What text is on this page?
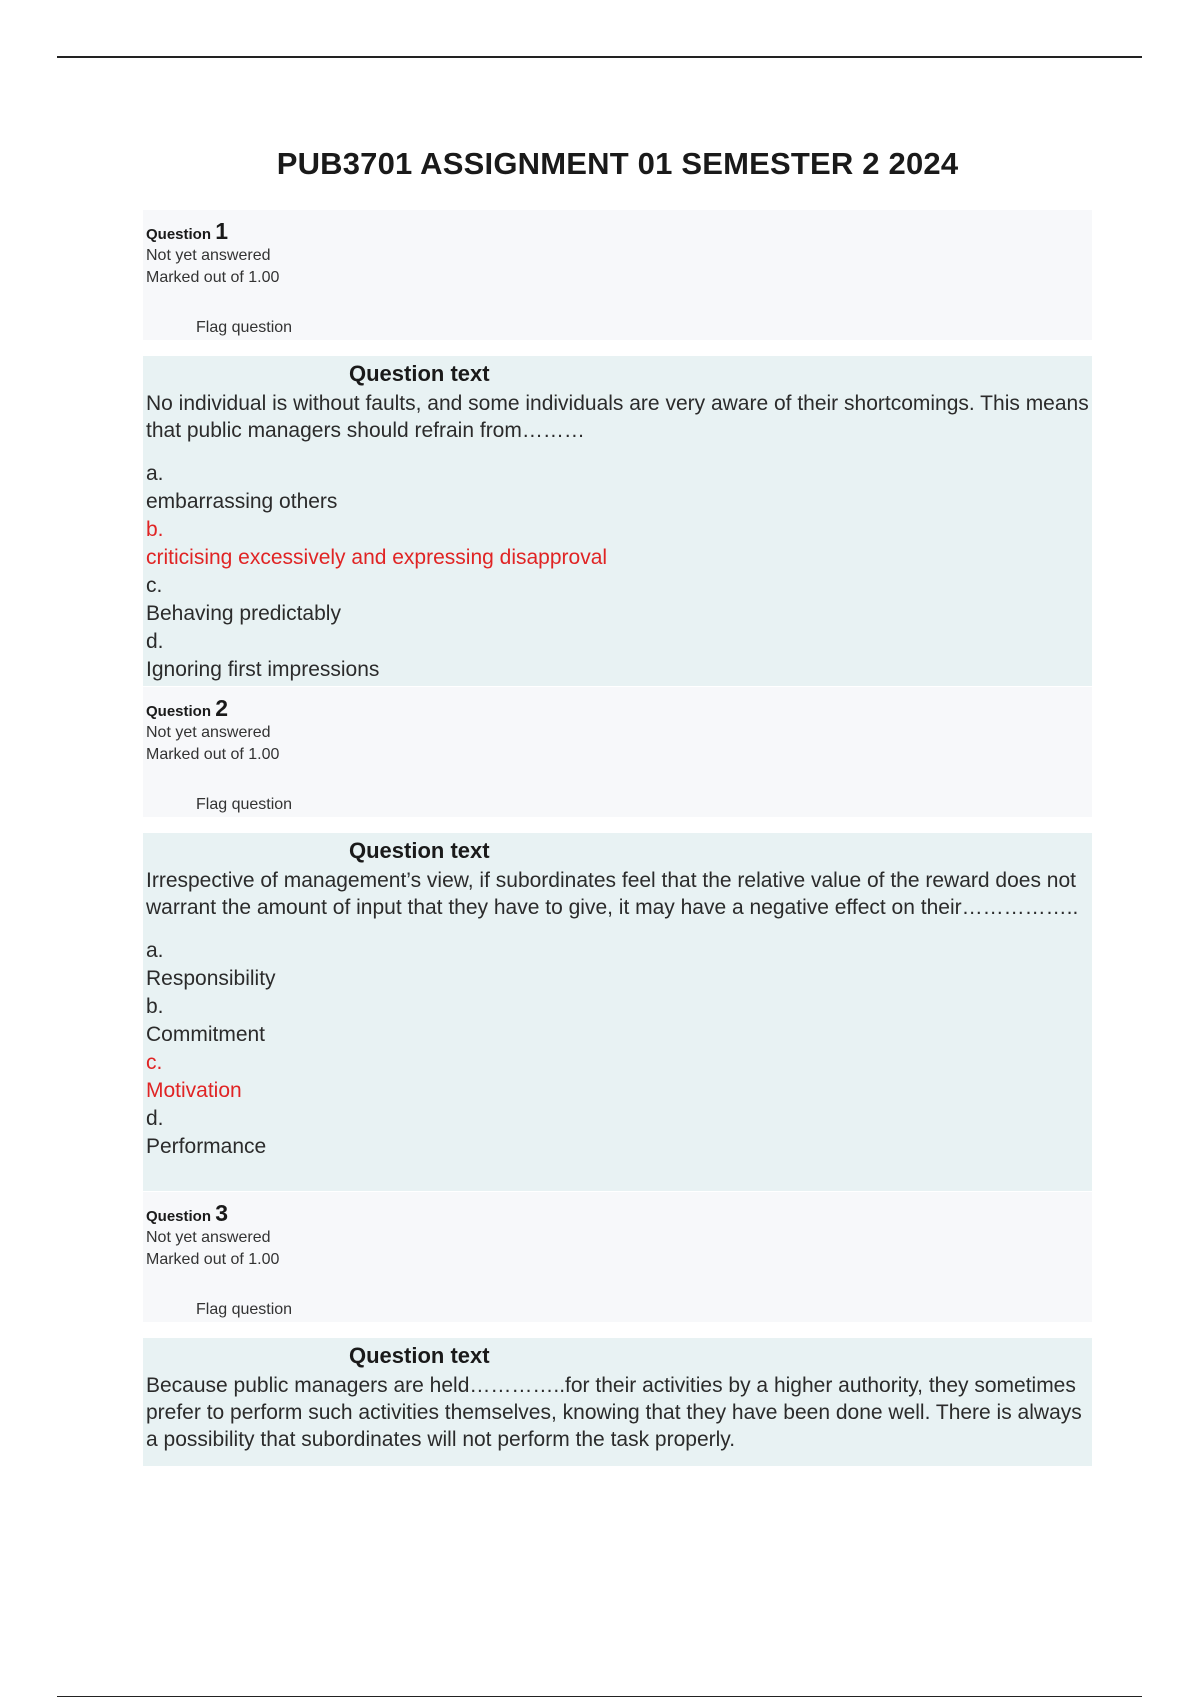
PUB3701 ASSIGNMENT 01 SEMESTER 2 2024
Question 1
Not yet answered
Marked out of 1.00
Flag question
Question text
No individual is without faults, and some individuals are very aware of their shortcomings. This means that public managers should refrain from………
a.
embarrassing others
b.
criticising excessively and expressing disapproval
c.
Behaving predictably
d.
Ignoring first impressions
Question 2
Not yet answered
Marked out of 1.00
Flag question
Question text
Irrespective of management’s view, if subordinates feel that the relative value of the reward does not warrant the amount of input that they have to give, it may have a negative effect on their……………..
a.
Responsibility
b.
Commitment
c.
Motivation
d.
Performance
Question 3
Not yet answered
Marked out of 1.00
Flag question
Question text
Because public managers are held…………..for their activities by a higher authority, they sometimes prefer to perform such activities themselves, knowing that they have been done well. There is always a possibility that subordinates will not perform the task properly.
